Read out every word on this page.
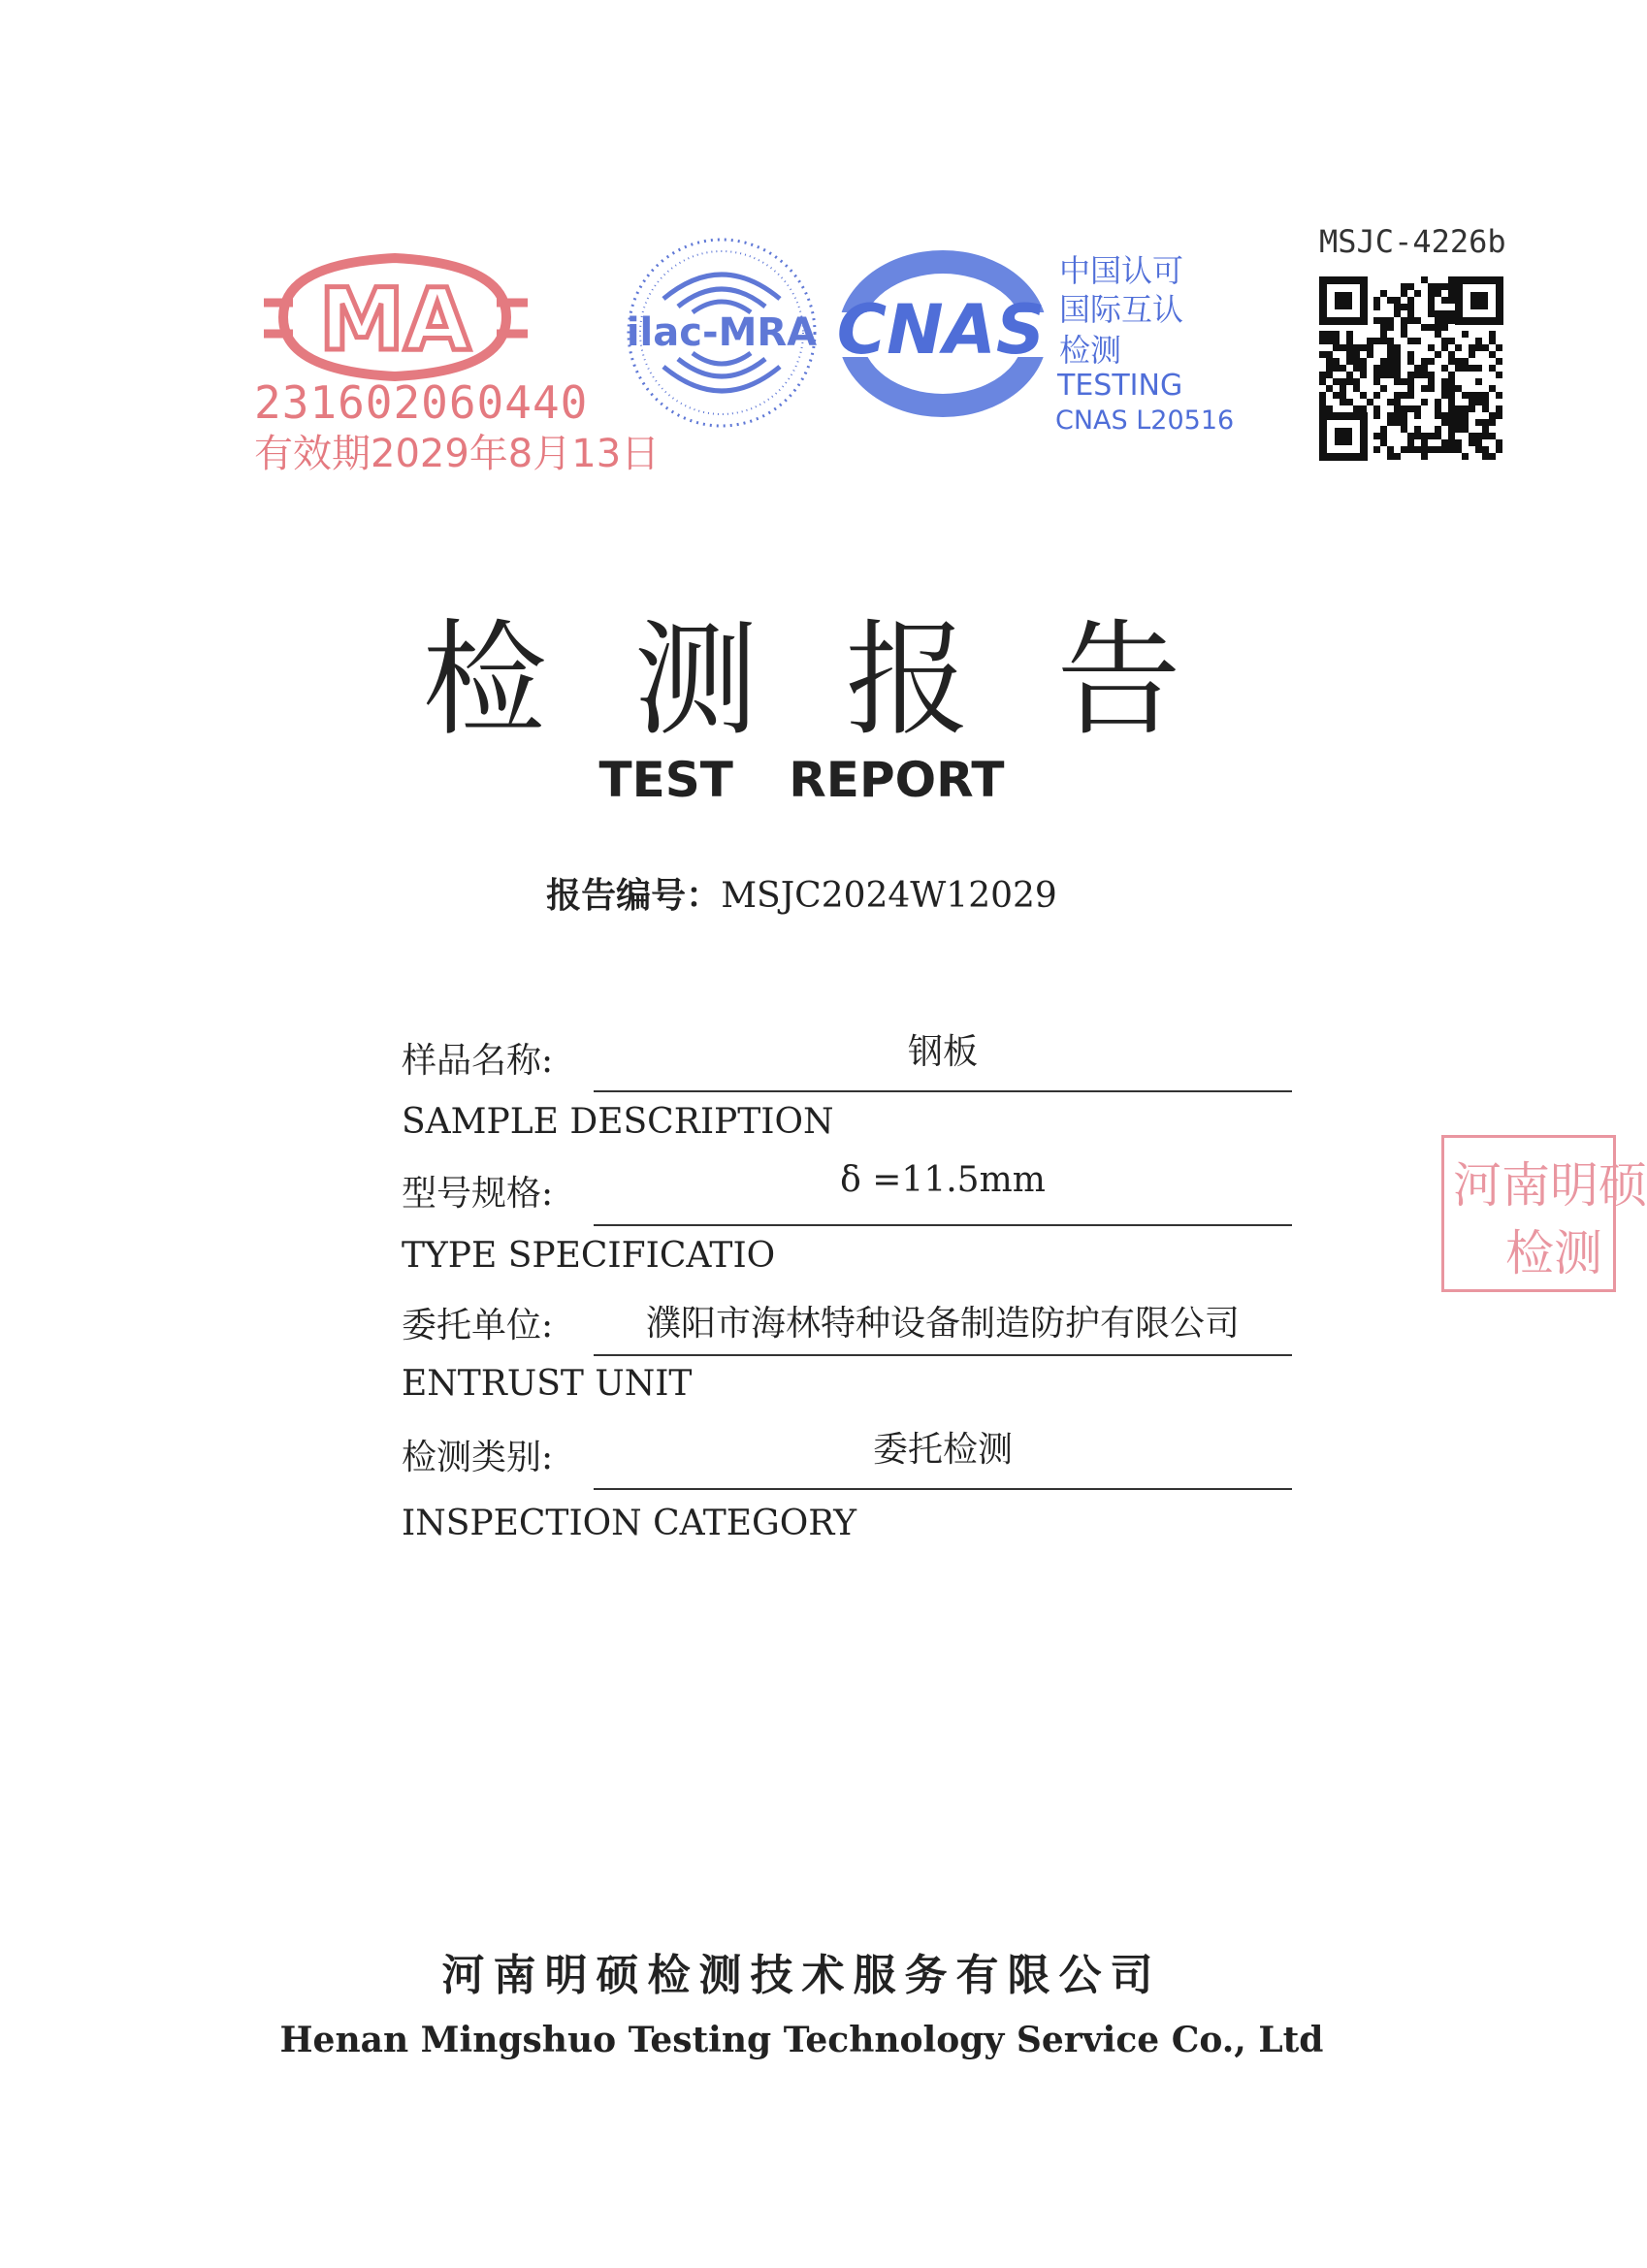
MA
231602060440
有效期2029年8月13日
ilac-MRA CNAS
中国认可
国际互认
检测
TESTING
CNAS L20516
MSJC-4226b
检测报告
TEST REPORT
报告编号：MSJC2024W12029
样品名称:	钢板
SAMPLE DESCRIPTION
型号规格:	δ =11.5mm
TYPE SPECIFICATIO
委托单位:	濮阳市海林特种设备制造防护有限公司
ENTRUST UNIT
检测类别:	委托检测
INSPECTION CATEGORY
河南明硕
检测
河南明硕检测技术服务有限公司
Henan Mingshuo Testing Technology Service Co., Ltd
